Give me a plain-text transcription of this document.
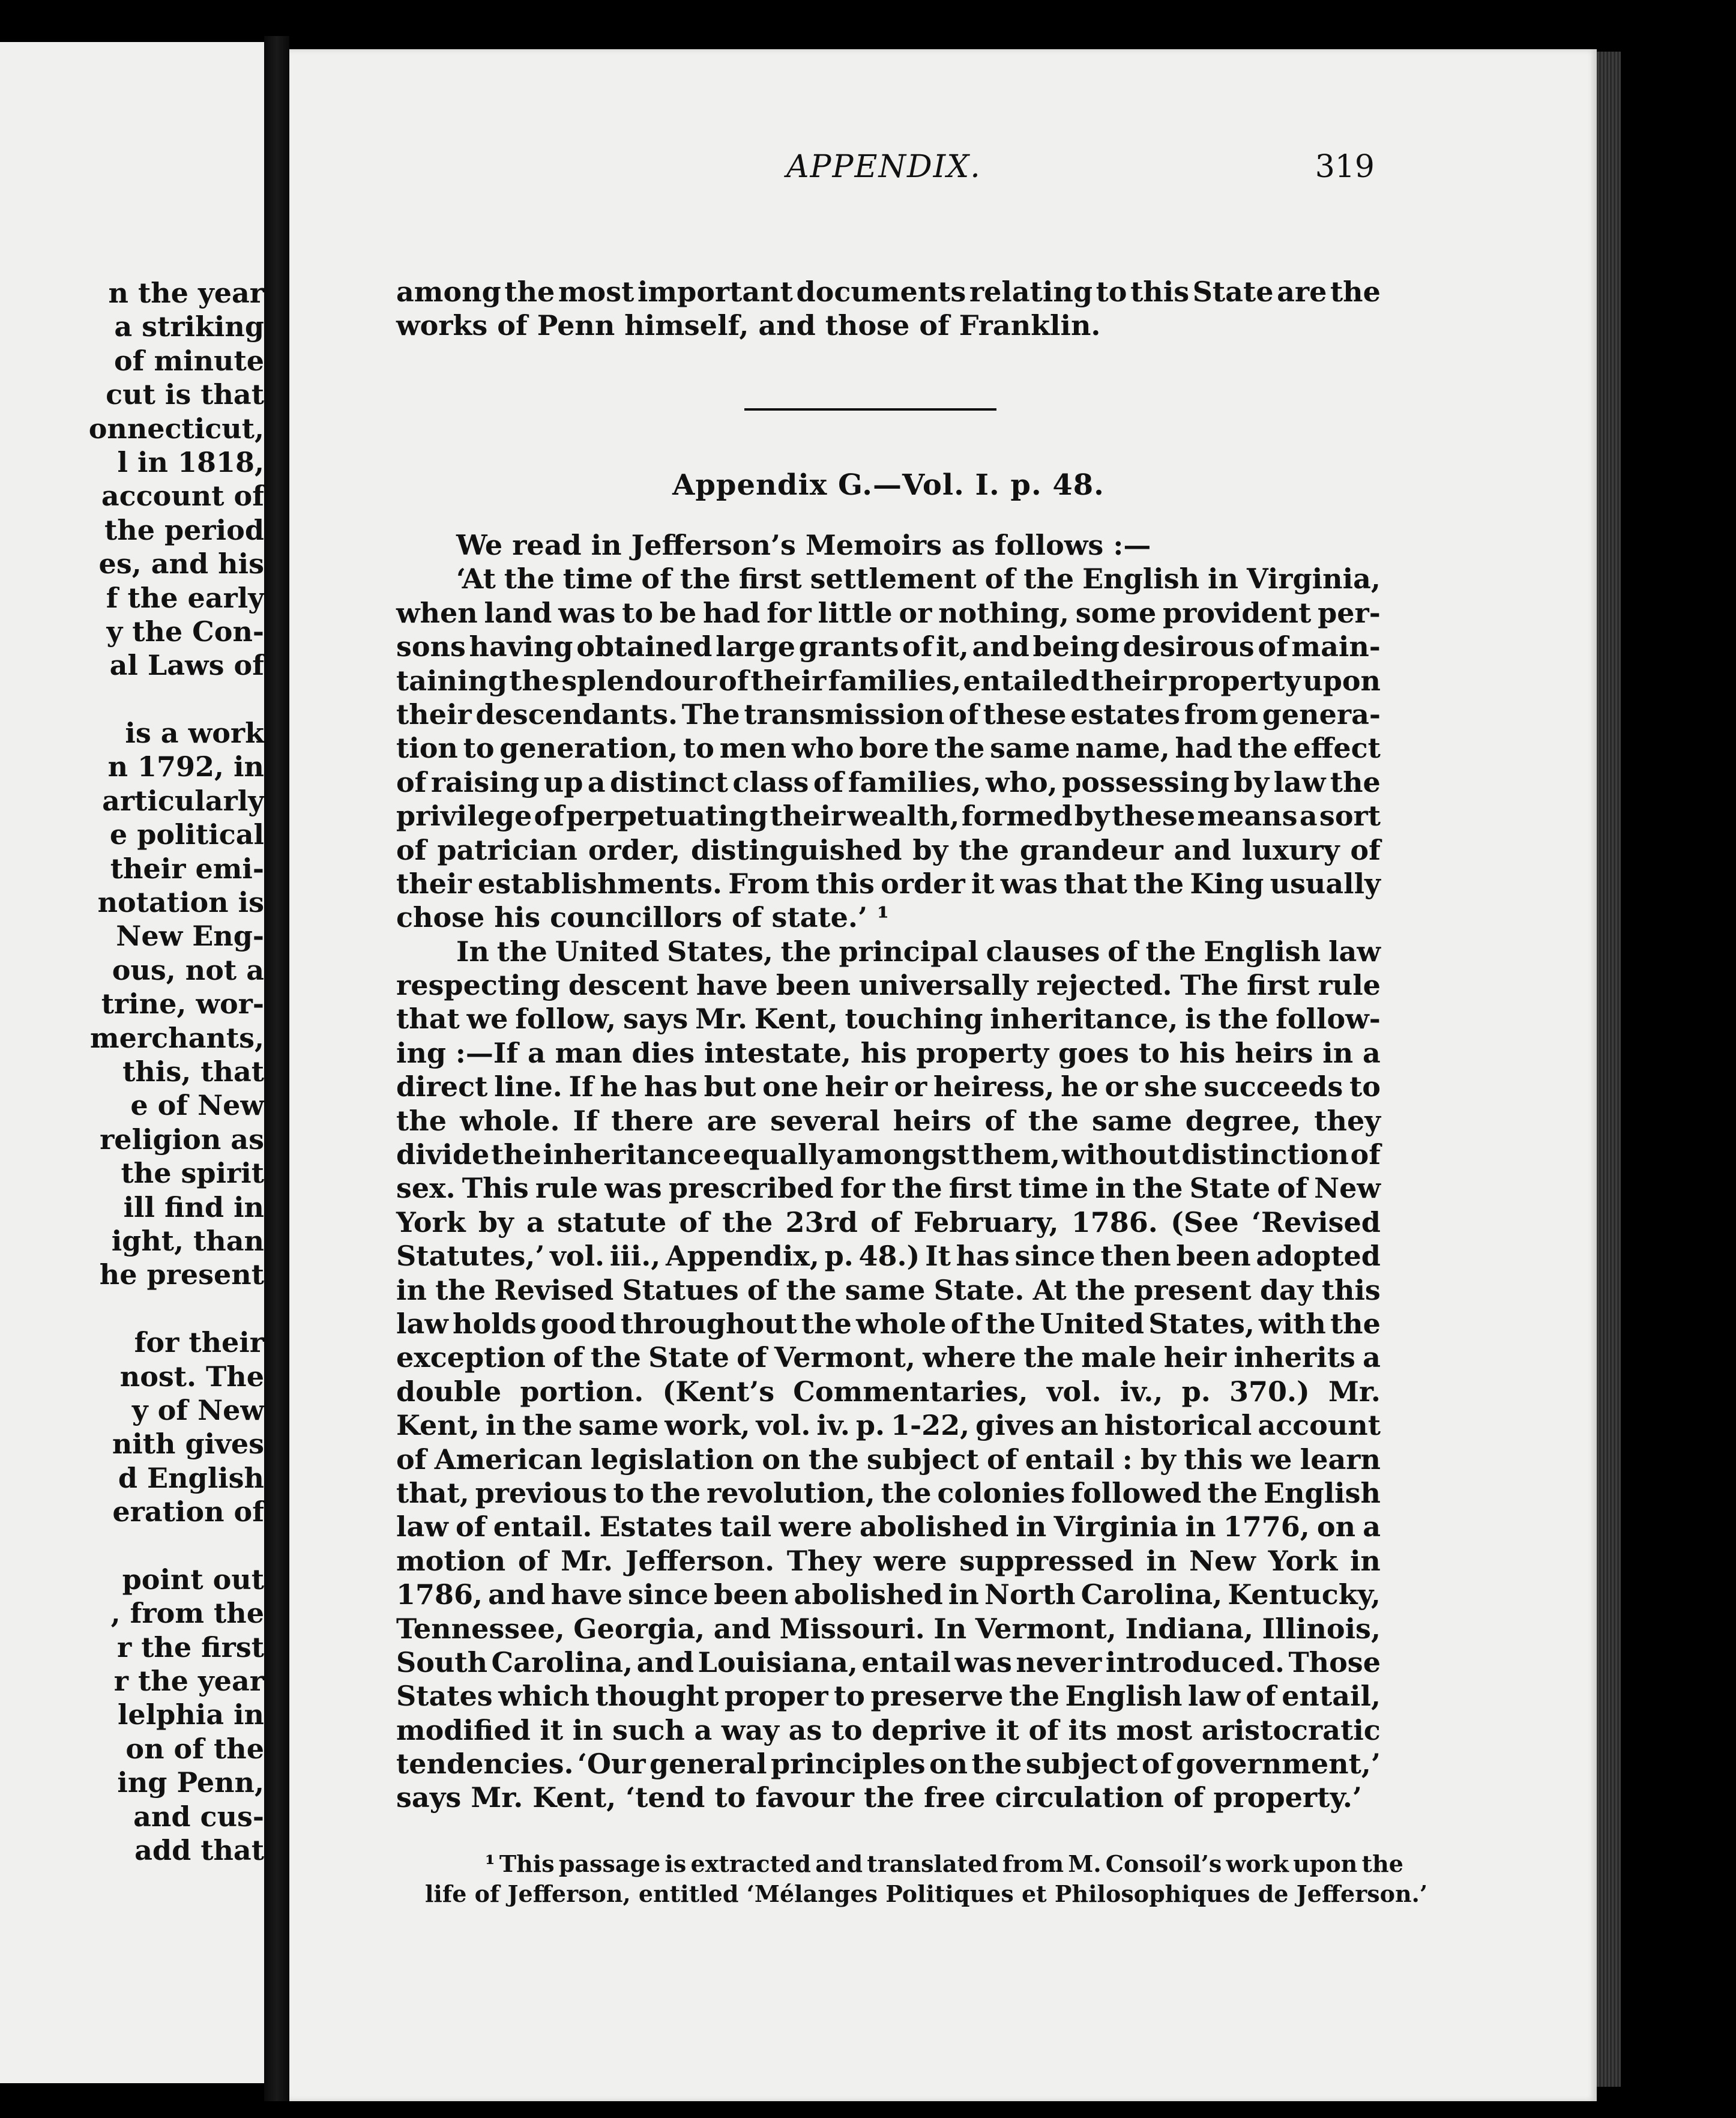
n the year
a striking
of minute
cut is that
onnecticut,
l in 1818,
account of
the period
es, and his
f the early
y the Con-
al Laws of

is a work
n 1792, in
articularly
e political
their emi-
notation is
New Eng-
ous, not a
trine, wor-
merchants,
this, that
e of New
religion as
the spirit
ill find in
ight, than
he present

for their
nost. The
y of New
nith gives
d English
eration of

point out
, from the
r the first
r the year
lelphia in
on of the
ing Penn,
and cus-
add that
APPENDIX.	319
among the most important documents relating to this State are the
works of Penn himself, and those of Franklin.
Appendix G.—Vol. I. p. 48.
We read in Jefferson’s Memoirs as follows :—
‘At the time of the first settlement of the English in Virginia,
when land was to be had for little or nothing, some provident per-
sons having obtained large grants of it, and being desirous of main-
taining the splendour of their families, entailed their property upon
their descendants. The transmission of these estates from genera-
tion to generation, to men who bore the same name, had the effect
of raising up a distinct class of families, who, possessing by law the
privilege of perpetuating their wealth, formed by these means a sort
of patrician order, distinguished by the grandeur and luxury of
their establishments. From this order it was that the King usually
chose his councillors of state.’ ¹
In the United States, the principal clauses of the English law
respecting descent have been universally rejected. The first rule
that we follow, says Mr. Kent, touching inheritance, is the follow-
ing :—If a man dies intestate, his property goes to his heirs in a
direct line. If he has but one heir or heiress, he or she succeeds to
the whole. If there are several heirs of the same degree, they
divide the inheritance equally amongst them, without distinction of
sex. This rule was prescribed for the first time in the State of New
York by a statute of the 23rd of February, 1786. (See ‘Revised
Statutes,’ vol. iii., Appendix, p. 48.) It has since then been adopted
in the Revised Statues of the same State. At the present day this
law holds good throughout the whole of the United States, with the
exception of the State of Vermont, where the male heir inherits a
double portion. (Kent’s Commentaries, vol. iv., p. 370.) Mr.
Kent, in the same work, vol. iv. p. 1-22, gives an historical account
of American legislation on the subject of entail : by this we learn
that, previous to the revolution, the colonies followed the English
law of entail. Estates tail were abolished in Virginia in 1776, on a
motion of Mr. Jefferson. They were suppressed in New York in
1786, and have since been abolished in North Carolina, Kentucky,
Tennessee, Georgia, and Missouri. In Vermont, Indiana, Illinois,
South Carolina, and Louisiana, entail was never introduced. Those
States which thought proper to preserve the English law of entail,
modified it in such a way as to deprive it of its most aristocratic
tendencies. ‘Our general principles on the subject of government,’
says Mr. Kent, ‘tend to favour the free circulation of property.’
¹ This passage is extracted and translated from M. Consoil’s work upon the
life of Jefferson, entitled ‘Mélanges Politiques et Philosophiques de Jefferson.’
